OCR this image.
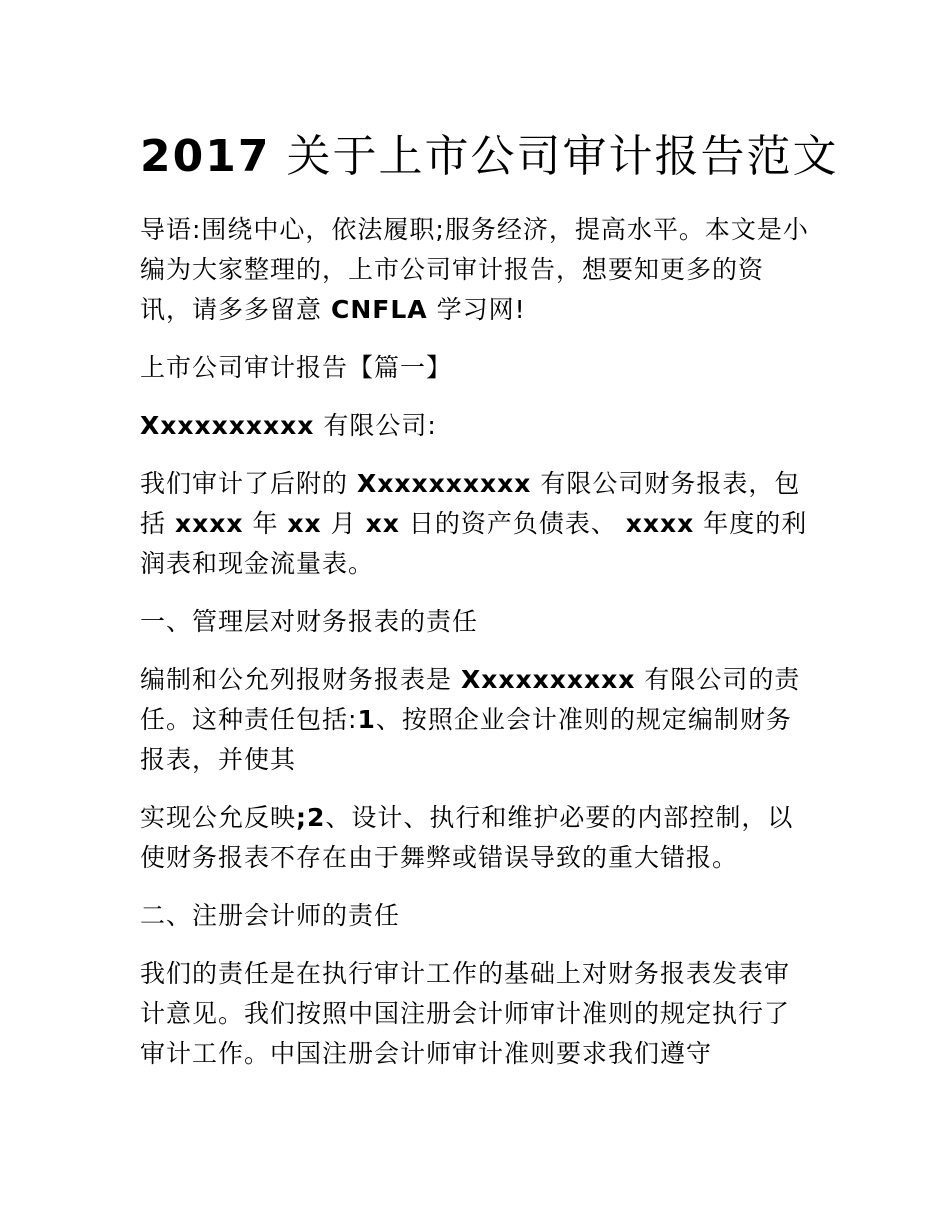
2017 关于上市公司审计报告范文

导语:围绕中心，依法履职;服务经济，提高水平。本文是小编为大家整理的，上市公司审计报告，想要知更多的资讯，请多多留意 CNFLA 学习网!

上市公司审计报告【篇一】

Xxxxxxxxxx 有限公司:

我们审计了后附的 Xxxxxxxxxx 有限公司财务报表，包括 xxxx 年 xx 月 xx 日的资产负债表、 xxxx 年度的利润表和现金流量表。

一、管理层对财务报表的责任

编制和公允列报财务报表是 Xxxxxxxxxx 有限公司的责任。这种责任包括:1、按照企业会计准则的规定编制财务报表，并使其

实现公允反映;2、设计、执行和维护必要的内部控制，以使财务报表不存在由于舞弊或错误导致的重大错报。

二、注册会计师的责任

我们的责任是在执行审计工作的基础上对财务报表发表审计意见。我们按照中国注册会计师审计准则的规定执行了审计工作。中国注册会计师审计准则要求我们遵守
